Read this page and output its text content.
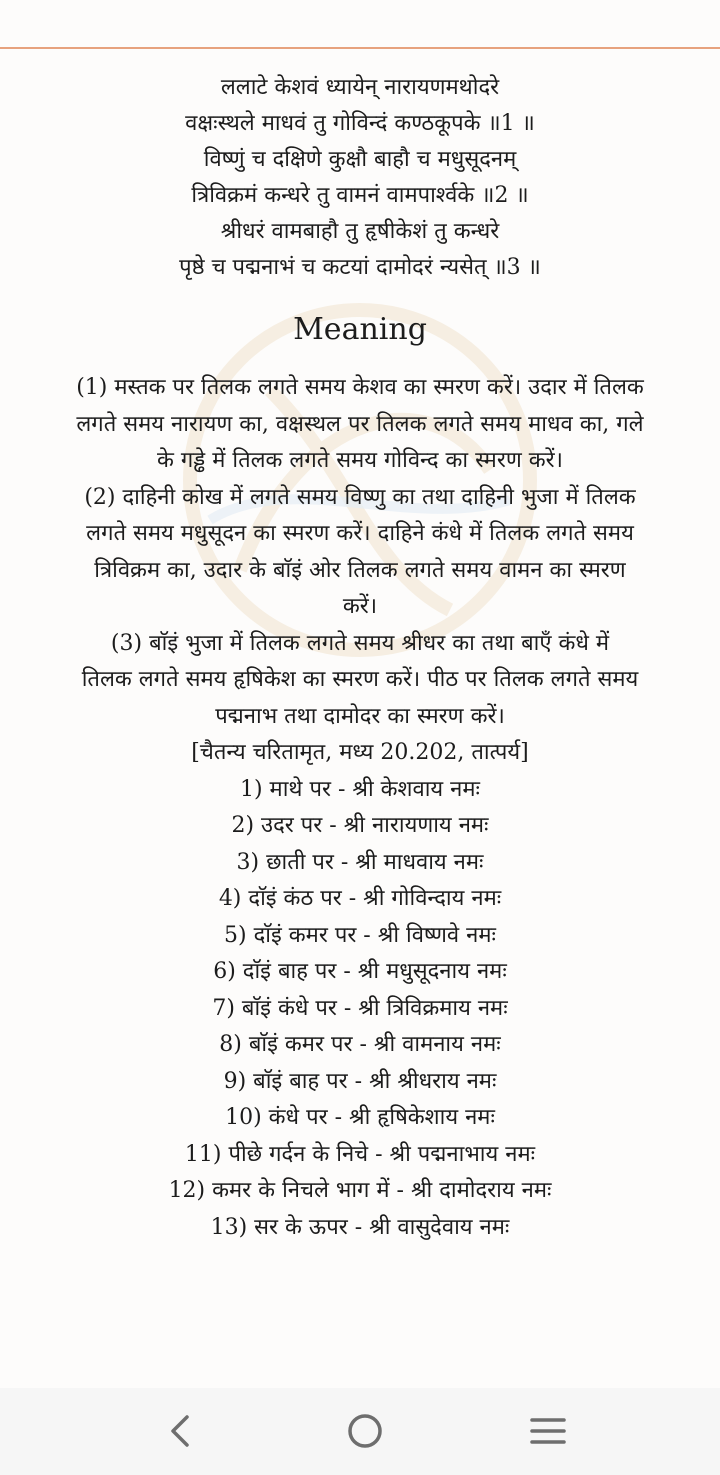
ललाटे केशवं ध्यायेन् नारायणमथोदरे
वक्षःस्थले माधवं तु गोविन्दं कण्ठकूपके ॥1 ॥
विष्णुं च दक्षिणे कुक्षौ बाहौ च मधुसूदनम्
त्रिविक्रमं कन्धरे तु वामनं वामपार्श्वके ॥2 ॥
श्रीधरं वामबाहौ तु हृषीकेशं तु कन्धरे
पृष्ठे च पद्मनाभं च कटयां दामोदरं न्यसेत् ॥3 ॥
Meaning
(1) मस्तक पर तिलक लगते समय केशव का स्मरण करें। उदार में तिलक
लगते समय नारायण का, वक्षस्थल पर तिलक लगते समय माधव का, गले
के गड्ढे में तिलक लगते समय गोविन्द का स्मरण करें।
(2) दाहिनी कोख में लगते समय विष्णु का तथा दाहिनी भुजा में तिलक
लगते समय मधुसूदन का स्मरण करें। दाहिने कंधे में तिलक लगते समय
त्रिविक्रम का, उदार के बाॅइं ओर तिलक लगते समय वामन का स्मरण
करें।
(3) बाॅइं भुजा में तिलक लगते समय श्रीधर का तथा बाएँ कंधे में
तिलक लगते समय हृषिकेश का स्मरण करें। पीठ पर तिलक लगते समय
पद्मनाभ तथा दामोदर का स्मरण करें।
[चैतन्य चरितामृत, मध्य 20.202, तात्पर्य]
1) माथे पर - श्री केशवाय नमः
2) उदर पर - श्री नारायणाय नमः
3) छाती पर - श्री माधवाय नमः
4) दाॅइं कंठ पर - श्री गोविन्दाय नमः
5) दाॅइं कमर पर - श्री विष्णवे नमः
6) दाॅइं बाह पर - श्री मधुसूदनाय नमः
7) बाॅइं कंधे पर - श्री त्रिविक्रमाय नमः
8) बाॅइं कमर पर - श्री वामनाय नमः
9) बाॅइं बाह पर - श्री श्रीधराय नमः
10) कंधे पर - श्री हृषिकेशाय नमः
11) पीछे गर्दन के निचे - श्री पद्मनाभाय नमः
12) कमर के निचले भाग में - श्री दामोदराय नमः
13) सर के ऊपर - श्री वासुदेवाय नमः
